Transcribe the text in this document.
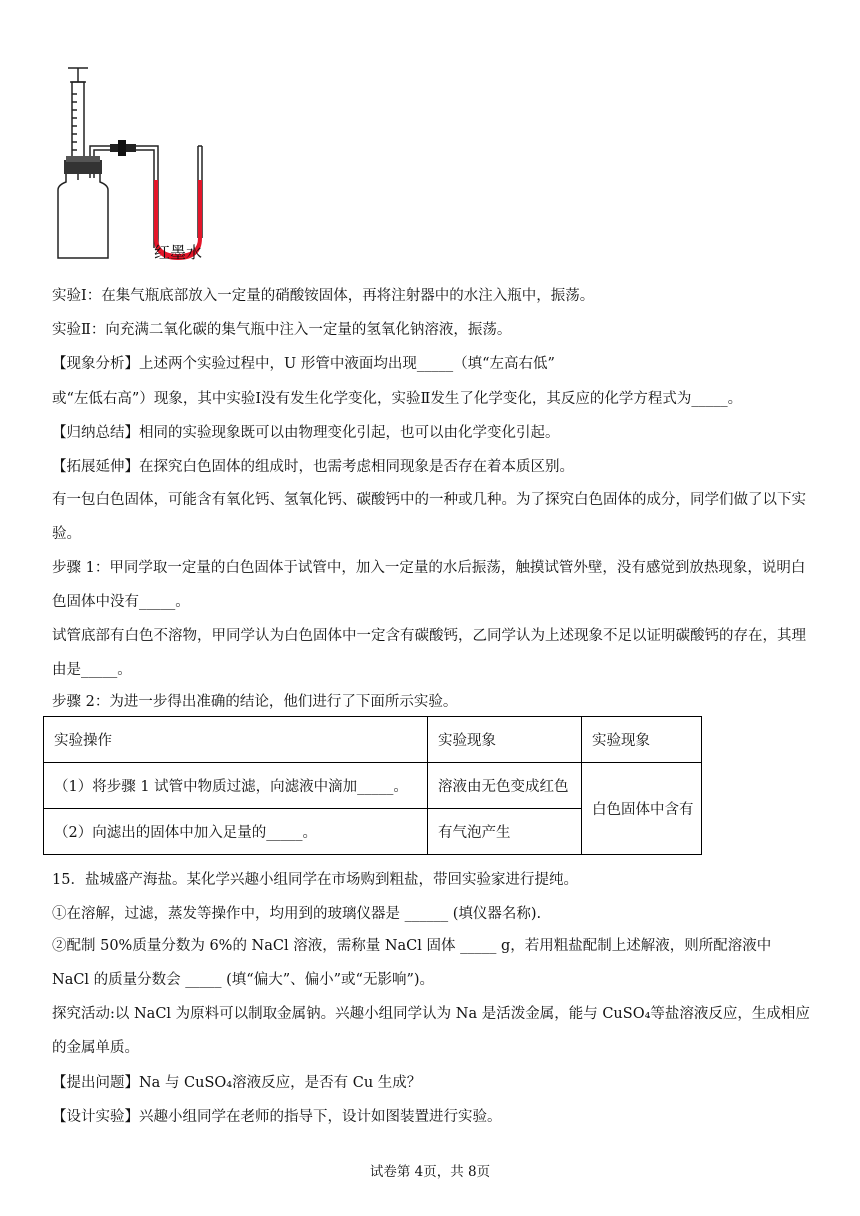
红墨水
实验Ⅰ：在集气瓶底部放入一定量的硝酸铵固体，再将注射器中的水注入瓶中，振荡。
实验Ⅱ：向充满二氧化碳的集气瓶中注入一定量的氢氧化钠溶液，振荡。
【现象分析】上述两个实验过程中，U 形管中液面均出现_____（填“左高右低”
或“左低右高”）现象，其中实验Ⅰ没有发生化学变化，实验Ⅱ发生了化学变化，其反应的化学方程式为_____。
【归纳总结】相同的实验现象既可以由物理变化引起，也可以由化学变化引起。
【拓展延伸】在探究白色固体的组成时，也需考虑相同现象是否存在着本质区别。
有一包白色固体，可能含有氧化钙、氢氧化钙、碳酸钙中的一种或几种。为了探究白色固体的成分，同学们做了以下实验。
步骤 1：甲同学取一定量的白色固体于试管中，加入一定量的水后振荡，触摸试管外壁，没有感觉到放热现象，说明白色固体中没有_____。
试管底部有白色不溶物，甲同学认为白色固体中一定含有碳酸钙，乙同学认为上述现象不足以证明碳酸钙的存在，其理由是_____。
步骤 2：为进一步得出准确的结论，他们进行了下面所示实验。
实验操作	实验现象	实验现象
（1）将步骤 1 试管中物质过滤，向滤液中滴加_____。	溶液由无色变成红色	白色固体中含有
（2）向滤出的固体中加入足量的_____。	有气泡产生	
15．盐城盛产海盐。某化学兴趣小组同学在市场购到粗盐，带回实验家进行提纯。
①在溶解，过滤，蒸发等操作中，均用到的玻璃仪器是 ______ (填仪器名称).
②配制 50%质量分数为 6%的 NaCl 溶液，需称量 NaCl 固体 _____ g，若用粗盐配制上述解液，则所配溶液中 NaCl 的质量分数会 _____ (填“偏大”、偏小”或“无影响”)。
探究活动:以 NaCl 为原料可以制取金属钠。兴趣小组同学认为 Na 是活泼金属，能与 CuSO₄等盐溶液反应，生成相应的金属单质。
【提出问题】Na 与 CuSO₄溶液反应，是否有 Cu 生成？
【设计实验】兴趣小组同学在老师的指导下，设计如图装置进行实验。
试卷第 4页，共 8页
